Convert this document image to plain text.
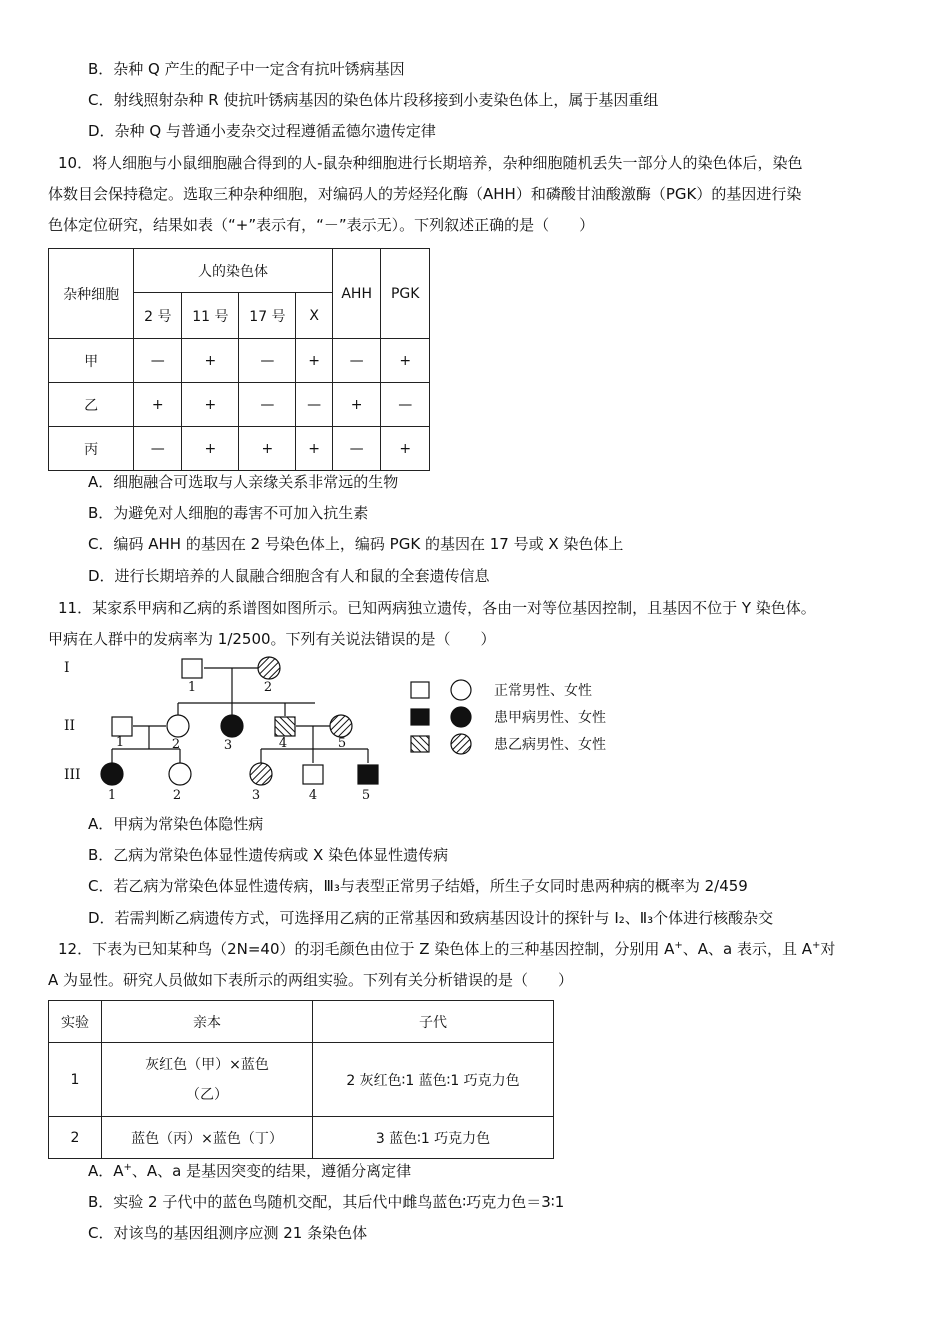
B．杂种 Q 产生的配子中一定含有抗叶锈病基因
C．射线照射杂种 R 使抗叶锈病基因的染色体片段移接到小麦染色体上，属于基因重组
D．杂种 Q 与普通小麦杂交过程遵循孟德尔遗传定律
10．将人细胞与小鼠细胞融合得到的人-鼠杂种细胞进行长期培养，杂种细胞随机丢失一部分人的染色体后，染色
体数目会保持稳定。选取三种杂种细胞，对编码人的芳烃羟化酶（AHH）和磷酸甘油酸激酶（PGK）的基因进行染
色体定位研究，结果如表（“+”表示有，“－”表示无）。下列叙述正确的是（　　）
杂种细胞	人的染色体				AHH	PGK
	2 号	11 号	17 号	X		
甲	—	+	—	+	—	+
乙	+	+	—	—	+	—
丙	—	+	+	+	—	+
A．细胞融合可选取与人亲缘关系非常远的生物
B．为避免对人细胞的毒害不可加入抗生素
C．编码 AHH 的基因在 2 号染色体上，编码 PGK 的基因在 17 号或 X 染色体上
D．进行长期培养的人鼠融合细胞含有人和鼠的全套遗传信息
11．某家系甲病和乙病的系谱图如图所示。已知两病独立遗传，各由一对等位基因控制，且基因不位于 Y 染色体。
甲病在人群中的发病率为 1/2500。下列有关说法错误的是（　　）
I
II
III
1	2
1	2	3	4	5
1	2	3	4	5
正常男性、女性
患甲病男性、女性
患乙病男性、女性
A．甲病为常染色体隐性病
B．乙病为常染色体显性遗传病或 X 染色体显性遗传病
C．若乙病为常染色体显性遗传病，Ⅲ₃与表型正常男子结婚，所生子女同时患两种病的概率为 2/459
D．若需判断乙病遗传方式，可选择用乙病的正常基因和致病基因设计的探针与 I₂、Ⅱ₃个体进行核酸杂交
12．下表为已知某种鸟（2N=40）的羽毛颜色由位于 Z 染色体上的三种基因控制，分别用 A+、A、a 表示，且 A+对
A 为显性。研究人员做如下表所示的两组实验。下列有关分析错误的是（　　）
实验	亲本	子代
1	灰红色（甲）×蓝色
（乙）	2 灰红色∶1 蓝色∶1 巧克力色
2	蓝色（丙）×蓝色（丁）	3 蓝色∶1 巧克力色
A．A+、A、a 是基因突变的结果，遵循分离定律
B．实验 2 子代中的蓝色鸟随机交配，其后代中雌鸟蓝色∶巧克力色＝3∶1
C．对该鸟的基因组测序应测 21 条染色体
